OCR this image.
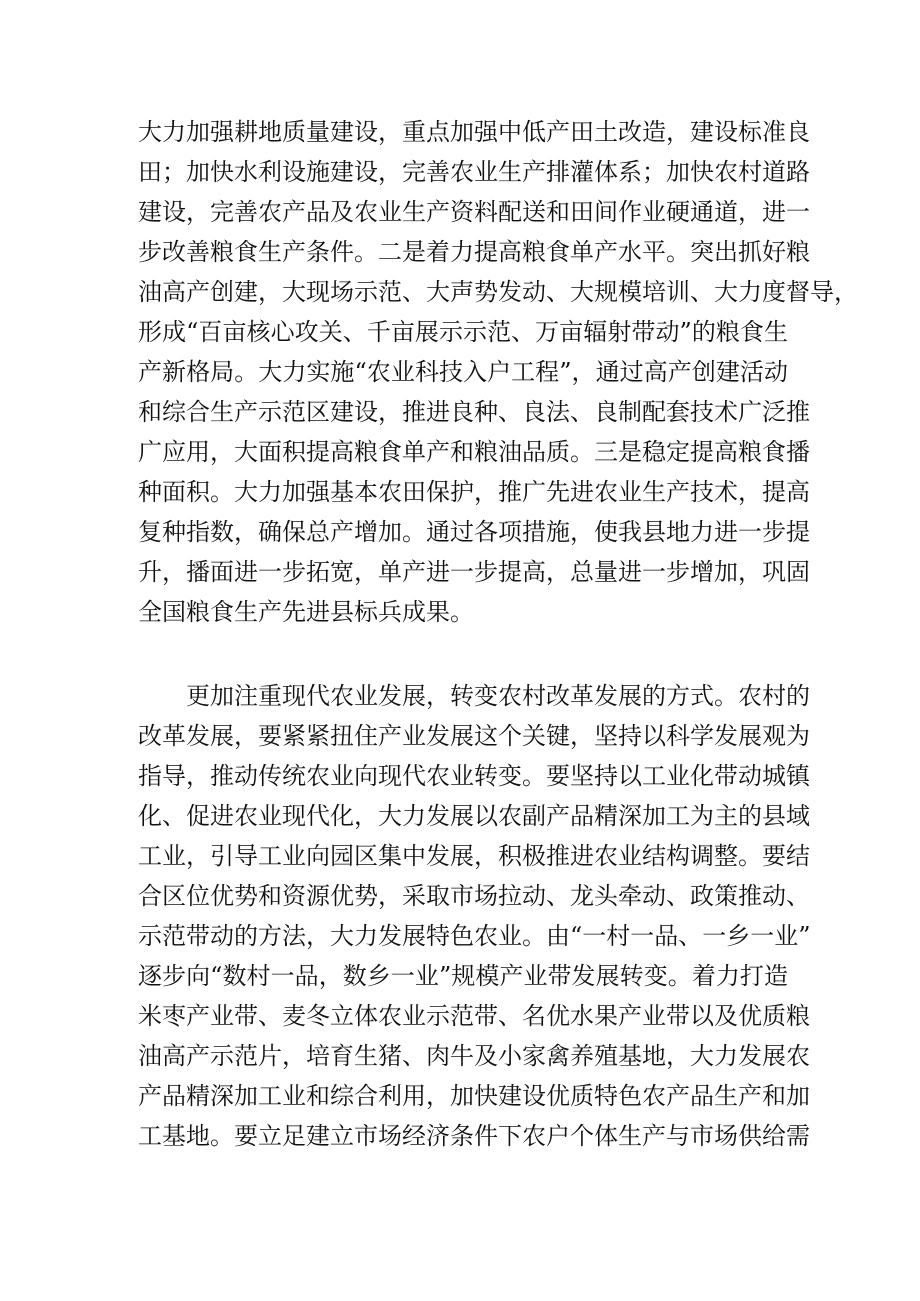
大力加强耕地质量建设，重点加强中低产田土改造，建设标准良
田；加快水利设施建设，完善农业生产排灌体系；加快农村道路
建设，完善农产品及农业生产资料配送和田间作业硬通道，进一
步改善粮食生产条件。二是着力提高粮食单产水平。突出抓好粮
油高产创建，大现场示范、大声势发动、大规模培训、大力度督导，
形成“百亩核心攻关、千亩展示示范、万亩辐射带动”的粮食生
产新格局。大力实施“农业科技入户工程”，通过高产创建活动
和综合生产示范区建设，推进良种、良法、良制配套技术广泛推
广应用，大面积提高粮食单产和粮油品质。三是稳定提高粮食播
种面积。大力加强基本农田保护，推广先进农业生产技术，提高
复种指数，确保总产增加。通过各项措施，使我县地力进一步提
升，播面进一步拓宽，单产进一步提高，总量进一步增加，巩固
全国粮食生产先进县标兵成果。
更加注重现代农业发展，转变农村改革发展的方式。农村的
改革发展，要紧紧扭住产业发展这个关键，坚持以科学发展观为
指导，推动传统农业向现代农业转变。要坚持以工业化带动城镇
化、促进农业现代化，大力发展以农副产品精深加工为主的县域
工业，引导工业向园区集中发展，积极推进农业结构调整。要结
合区位优势和资源优势，采取市场拉动、龙头牵动、政策推动、
示范带动的方法，大力发展特色农业。由“一村一品、一乡一业”
逐步向“数村一品，数乡一业”规模产业带发展转变。着力打造
米枣产业带、麦冬立体农业示范带、名优水果产业带以及优质粮
油高产示范片，培育生猪、肉牛及小家禽养殖基地，大力发展农
产品精深加工业和综合利用，加快建设优质特色农产品生产和加
工基地。要立足建立市场经济条件下农户个体生产与市场供给需
